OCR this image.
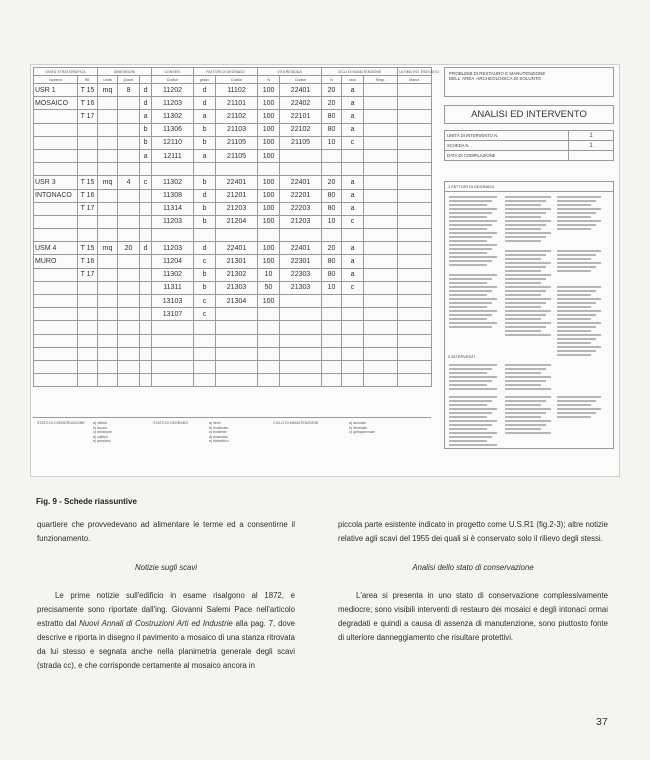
UNITÀ STRATIGRAFICA		DIMENSIONI			CONSER.	FATTORI DI DEGRADO		VITA RESIDUA		CICLI DI MANUTENZIONE			ULTIMO INT. ESEGUITO	
Numero	Rif.	Unità	Quant.		Codice	grado	Codice	%	Codice	%	ciclo	Resp.	Manut.	
USR 1	T 15	mq	8	d	11202	d	11102	100	22401	20	a			
MOSAICO	T 16			d	11203	d	21101	100	22402	20	a			
	T 17			a	11302	a	21102	100	22101	80	a			
				b	11306	b	21103	100	22102	80	a			
				b	12110	b	21105	100	21105	10	c			
				a	12111	a	21105	100						

USR 3	T 15	mq	4	c	11302	b	22401	100	22401	20	a			
INTONACO	T 16				11308	d	21201	100	22201	80	a			
	T 17				11314	b	21203	100	22203	80	a			
					11203	b	21204	100	21203	10	c			

USM 4	T 15	mq	20	d	11203	d	22401	100	22401	20	a			
MURO	T 16				11204	c	21301	100	22301	80	a			
	T 17				11302	b	21302	10	22303	80	a			
					11311	b	21303	50	21303	10	c			
					13103	c	21304	100						
					13107	c								

STATO DI CONSERVAZIONE a) ottimo
b) buono
c) mediocre
d) cattivo
e) pessimo
STATO DI DEGRADO	a) lieve
b) moderato
c) evidente
d) avanzato
e) distruttivo
CICLO DI MANUTENZIONE	a) annuale
b) triennale
c) quinquennale
PROBLEMI DI RESTAURO E MANUTENZIONE
DELL' AREA  ARCHEOLOGICA DI SOLUNTO
ANALISI ED INTERVENTO
UNITÀ DI INTERVENTO N.	1
SCHEDA N.	1
DATA DI COMPILAZIONE	
1 FATTORI DI DEGRADO
2 INTERVENTI
Fig. 9 - Schede riassuntive

quartiere che provvedevano ad alimentare le terme ed a consentirne il funzionamento.

Notizie sugli scavi

Le prime notizie sull'edificio in esame risalgono al 1872, e precisamente sono riportate dall'ing. Giovanni Salemi Pace nell'articolo estratto dal Nuovi Annali di Costruzioni Arti ed Industrie alla pag. 7, dove descrive e riporta in disegno il pavimento a mosaico di una stanza ritrovata da lui stesso e segnata anche nella planimetria generale degli scavi (strada cc), e che corrisponde certamente al mosaico ancora in

piccola parte esistente indicato in progetto come U.S.R1 (fig.2-3); altre notizie relative agli scavi del 1955 dei quali si è conservato solo il rilievo degli stessi.

Analisi dello stato di conservazione

L'area si presenta in uno stato di conservazione complessivamente mediocre; sono visibili interventi di restauro dei mosaici e degli intonaci ormai degradati e quindi a causa di assenza di manutenzione, sono piuttosto fonte di ulteriore danneggiamento che risultare protettivi.

37
